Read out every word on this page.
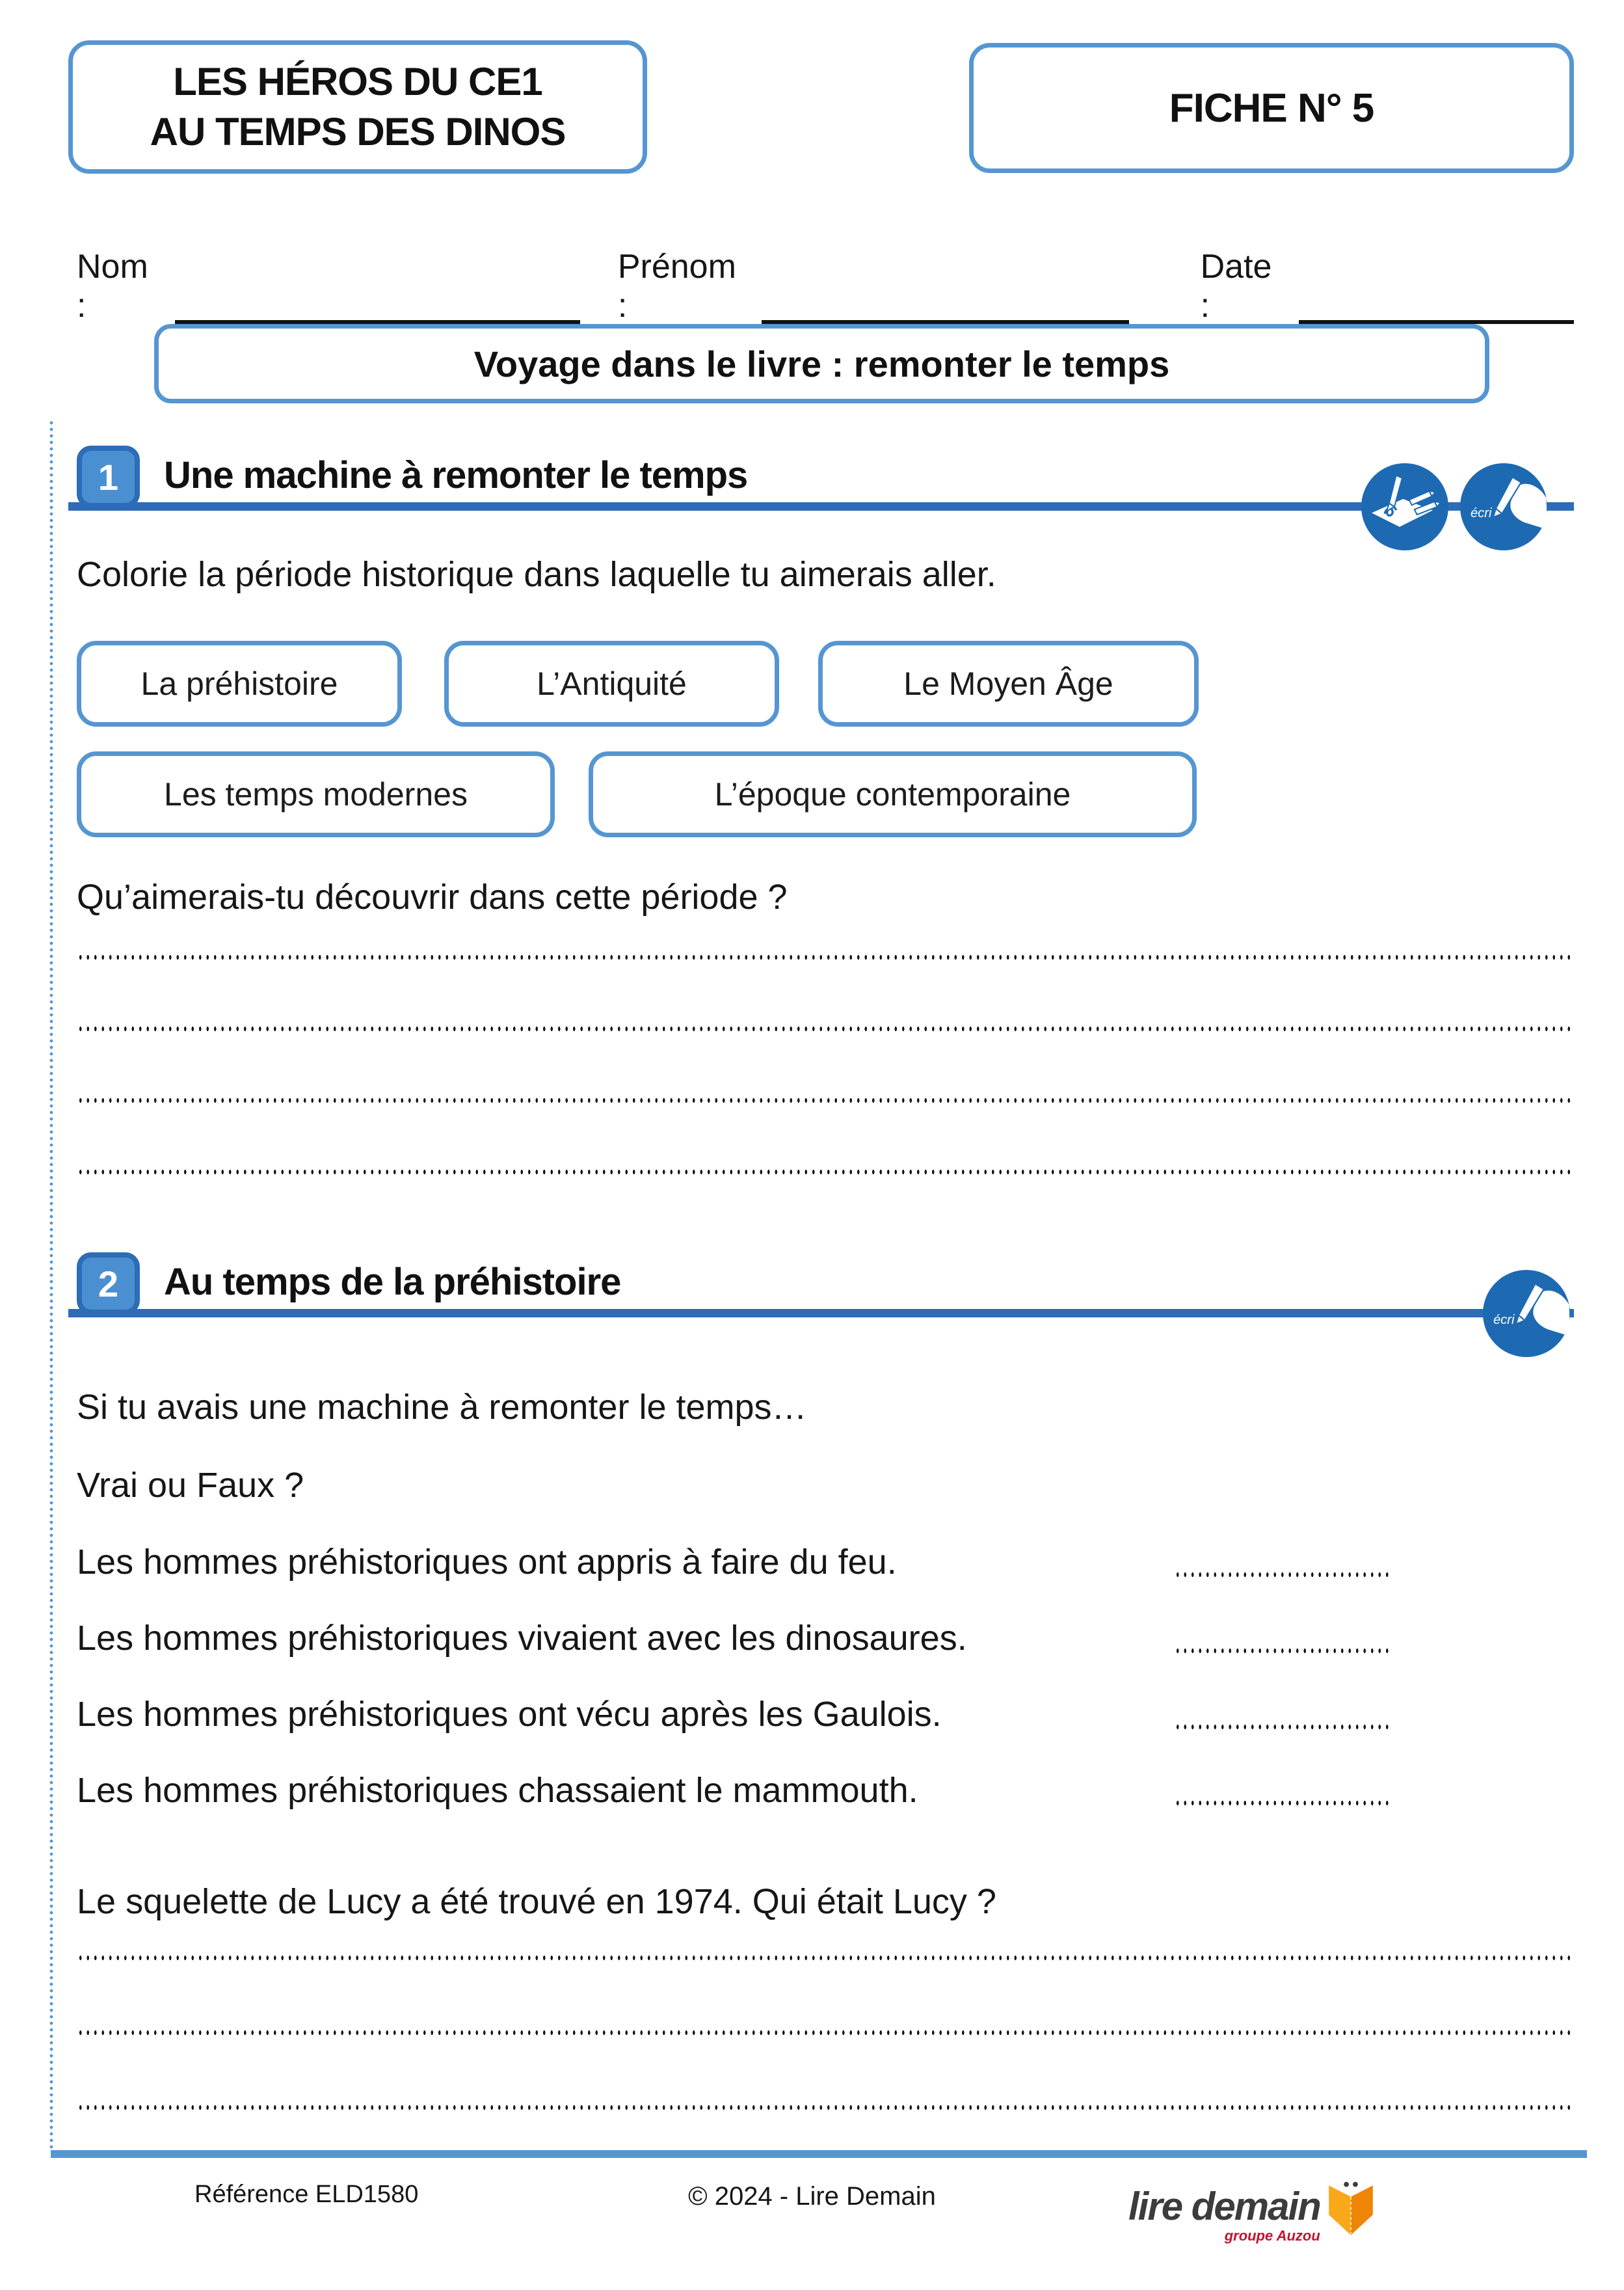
LES HÉROS DU CE1
AU TEMPS DES DINOS
FICHE N° 5
Nom :
Prénom :
Date :
Voyage dans le livre : remonter le temps
1 Une machine à remonter le temps
écri
Colorie la période historique dans laquelle tu aimerais aller.
La préhistoire	L’Antiquité	Le Moyen Âge
Les temps modernes	L’époque contemporaine
Qu’aimerais-tu découvrir dans cette période ?
2 Au temps de la préhistoire
écri
Si tu avais une machine à remonter le temps…
Vrai ou Faux ?
Les hommes préhistoriques ont appris à faire du feu.
Les hommes préhistoriques vivaient avec les dinosaures.
Les hommes préhistoriques ont vécu après les Gaulois.
Les hommes préhistoriques chassaient le mammouth.
Le squelette de Lucy a été trouvé en 1974. Qui était Lucy ?
Référence ELD1580	© 2024 - Lire Demain	lire demain
groupe Auzou
